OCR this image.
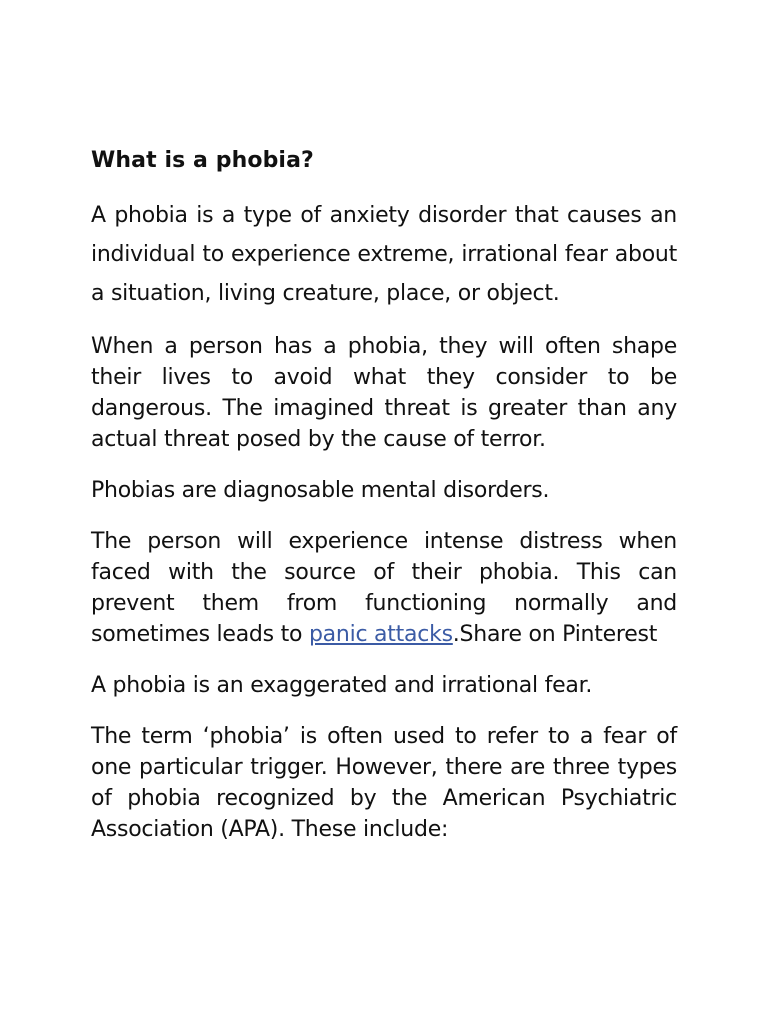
What is a phobia?

A phobia is a type of anxiety disorder that causes an individual to experience extreme, irrational fear about a situation, living creature, place, or object.

When a person has a phobia, they will often shape their lives to avoid what they consider to be dangerous. The imagined threat is greater than any actual threat posed by the cause of terror.

Phobias are diagnosable mental disorders.

The person will experience intense distress when faced with the source of their phobia. This can prevent them from functioning normally and sometimes leads to panic attacks.Share on Pinterest

A phobia is an exaggerated and irrational fear.

The term ‘phobia’ is often used to refer to a fear of one particular trigger. However, there are three types of phobia recognized by the American Psychiatric Association (APA). These include:
